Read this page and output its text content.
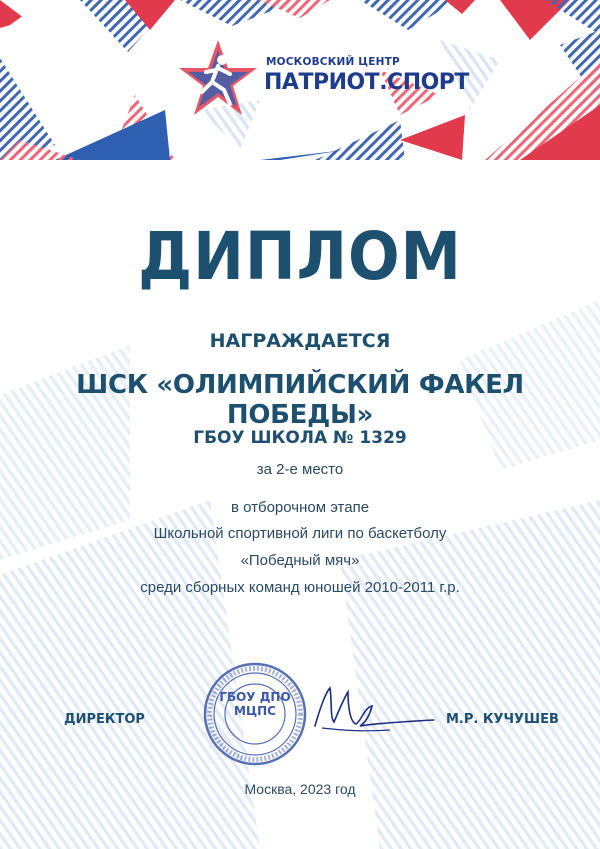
МОСКОВСКИЙ ЦЕНТР
ПАТРИОТ.СПОРТ
ДИПЛОМ
НАГРАЖДАЕТСЯ
ШСК «ОЛИМПИЙСКИЙ ФАКЕЛ ПОБЕДЫ»
ГБОУ ШКОЛА № 1329
за 2-е место
в отборочном этапе
Школьной спортивной лиги по баскетболу
«Победный мяч»
среди сборных команд юношей 2010-2011 г.р.
ДИРЕКТОР	М.Р. КУЧУШЕВ
ГБОУ ДПО МЦПС
Москва, 2023 год
